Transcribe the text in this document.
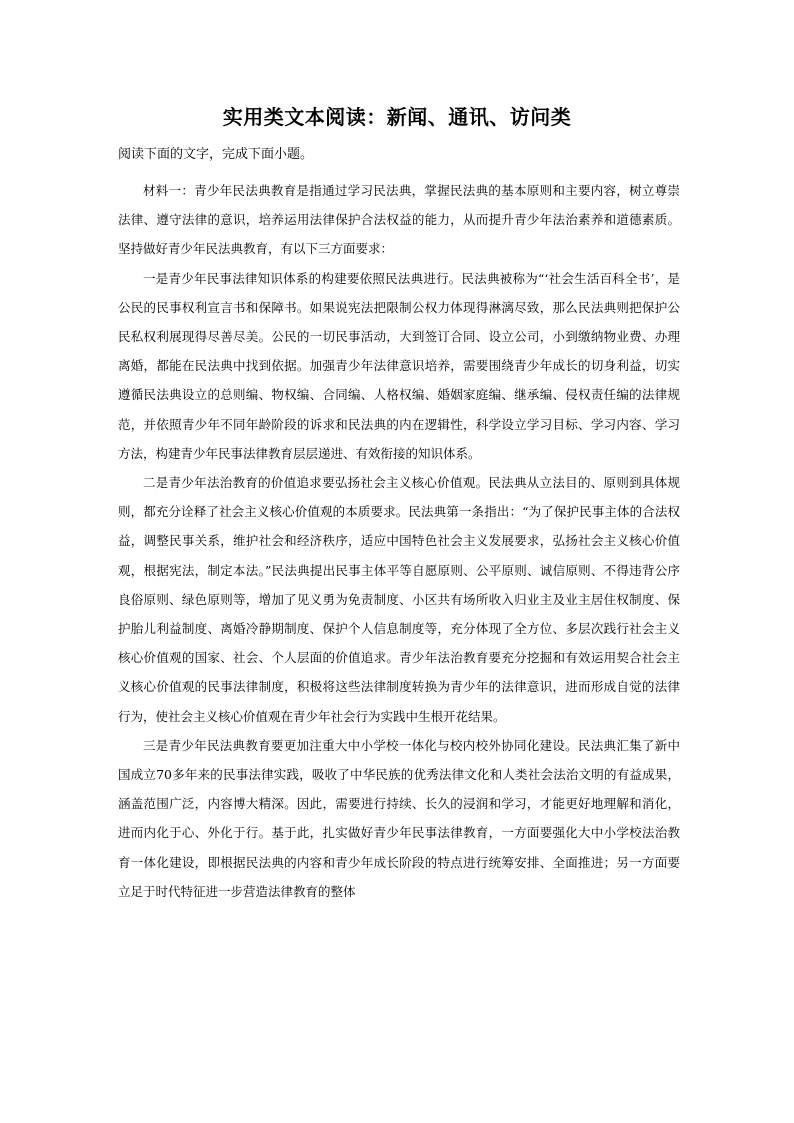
实用类文本阅读：新闻、通讯、访问类
阅读下面的文字，完成下面小题。

材料一：青少年民法典教育是指通过学习民法典，掌握民法典的基本原则和主要内容，树立尊崇法律、遵守法律的意识，培养运用法律保护合法权益的能力，从而提升青少年法治素养和道德素质。坚持做好青少年民法典教育，有以下三方面要求：

一是青少年民事法律知识体系的构建要依照民法典进行。民法典被称为“‘社会生活百科全书’，是公民的民事权利宣言书和保障书。如果说宪法把限制公权力体现得淋漓尽致，那么民法典则把保护公民私权利展现得尽善尽美。公民的一切民事活动，大到签订合同、设立公司，小到缴纳物业费、办理离婚，都能在民法典中找到依据。加强青少年法律意识培养，需要围绕青少年成长的切身利益，切实遵循民法典设立的总则编、物权编、合同编、人格权编、婚姻家庭编、继承编、侵权责任编的法律规范，并依照青少年不同年龄阶段的诉求和民法典的内在逻辑性，科学设立学习目标、学习内容、学习方法，构建青少年民事法律教育层层递进、有效衔接的知识体系。

二是青少年法治教育的价值追求要弘扬社会主义核心价值观。民法典从立法目的、原则到具体规则，都充分诠释了社会主义核心价值观的本质要求。民法典第一条指出：“为了保护民事主体的合法权益，调整民事关系，维护社会和经济秩序，适应中国特色社会主义发展要求，弘扬社会主义核心价值观，根据宪法，制定本法。”民法典提出民事主体平等自愿原则、公平原则、诚信原则、不得违背公序良俗原则、绿色原则等，增加了见义勇为免责制度、小区共有场所收入归业主及业主居住权制度、保护胎儿利益制度、离婚冷静期制度、保护个人信息制度等，充分体现了全方位、多层次践行社会主义核心价值观的国家、社会、个人层面的价值追求。青少年法治教育要充分挖掘和有效运用契合社会主义核心价值观的民事法律制度，积极将这些法律制度转换为青少年的法律意识，进而形成自觉的法律行为，使社会主义核心价值观在青少年社会行为实践中生根开花结果。

三是青少年民法典教育要更加注重大中小学校一体化与校内校外协同化建设。民法典汇集了新中国成立70多年来的民事法律实践，吸收了中华民族的优秀法律文化和人类社会法治文明的有益成果，涵盖范围广泛，内容博大精深。因此，需要进行持续、长久的浸润和学习，才能更好地理解和消化，进而内化于心、外化于行。基于此，扎实做好青少年民事法律教育，一方面要强化大中小学校法治教育一体化建设，即根据民法典的内容和青少年成长阶段的特点进行统筹安排、全面推进；另一方面要立足于时代特征进一步营造法律教育的整体
